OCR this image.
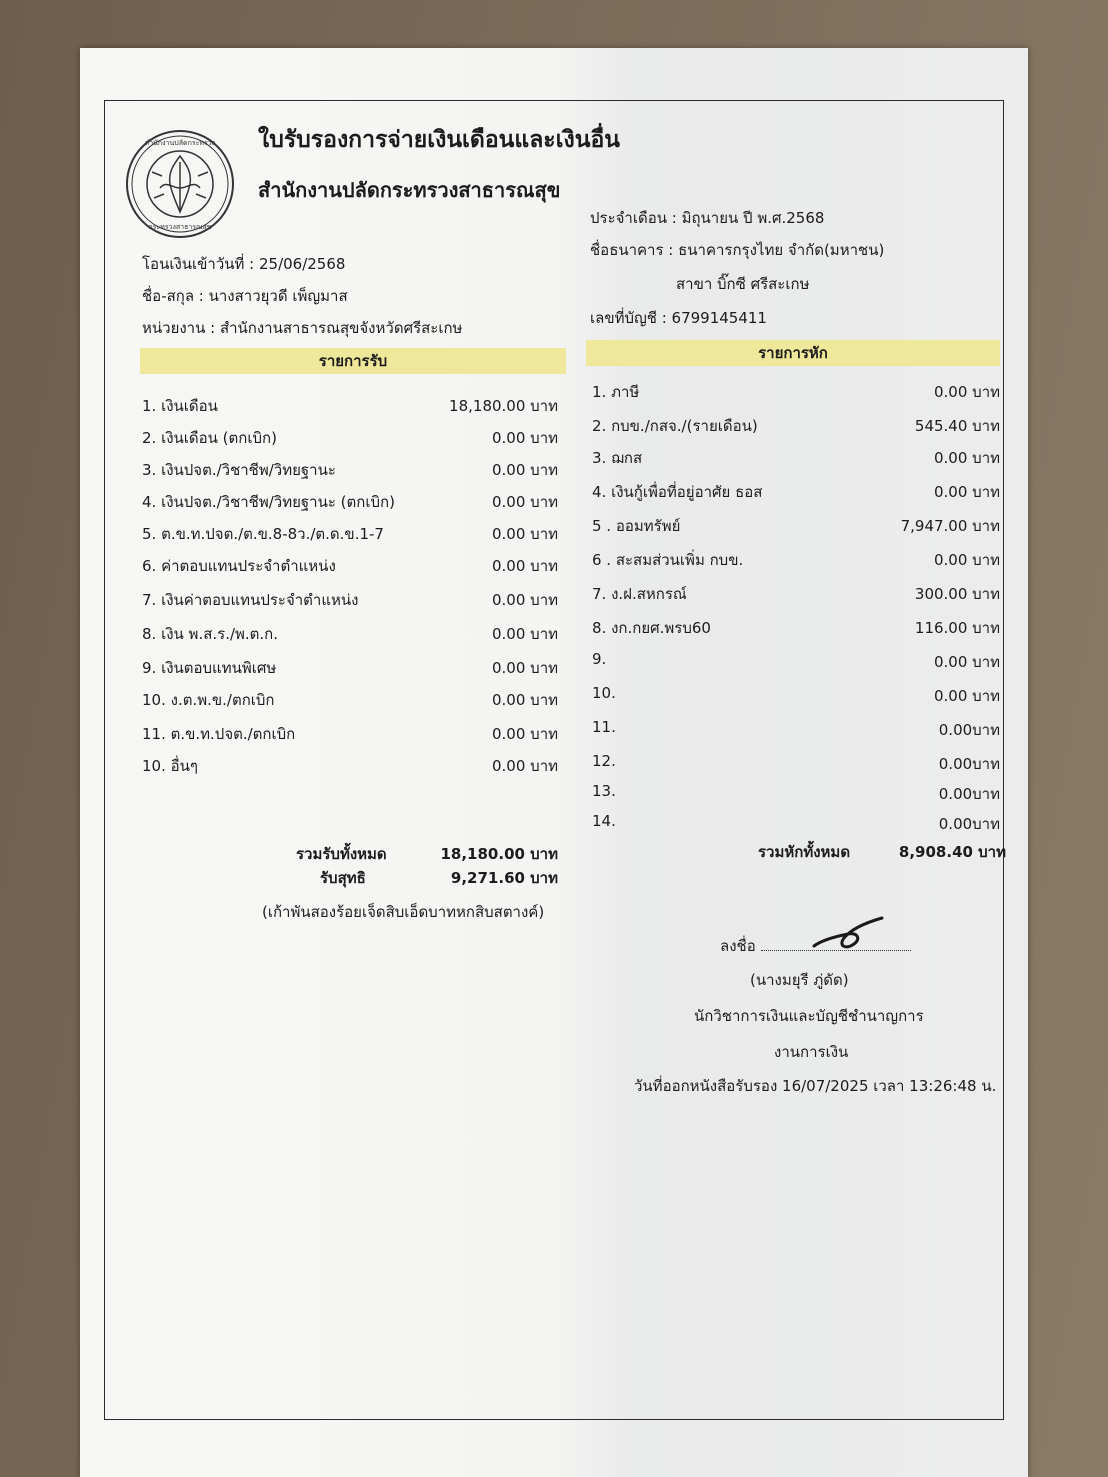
สำนักงานปลัดกระทรวง
กระทรวงสาธารณสุข
ใบรับรองการจ่ายเงินเดือนและเงินอื่น
สำนักงานปลัดกระทรวงสาธารณสุข
ประจำเดือน : มิถุนายน ปี พ.ศ.2568
ชื่อธนาคาร : ธนาคารกรุงไทย จำกัด(มหาชน)
สาขา บิ๊กซี ศรีสะเกษ
เลขที่บัญชี : 6799145411
โอนเงินเข้าวันที่ : 25/06/2568
ชื่อ-สกุล : นางสาวยุวดี เพ็ญมาส
หน่วยงาน : สำนักงานสาธารณสุขจังหวัดศรีสะเกษ
รายการรับ	รายการหัก
1. เงินเดือน	18,180.00 บาท
2. เงินเดือน (ตกเบิก)	0.00 บาท
3. เงินปจต./วิชาชีพ/วิทยฐานะ	0.00 บาท
4. เงินปจต./วิชาชีพ/วิทยฐานะ (ตกเบิก)	0.00 บาท
5. ต.ข.ท.ปจต./ต.ข.8-8ว./ต.ด.ข.1-7	0.00 บาท
6. ค่าตอบแทนประจำตำแหน่ง	0.00 บาท
7. เงินค่าตอบแทนประจำตำแหน่ง	0.00 บาท
8. เงิน พ.ส.ร./พ.ต.ก.	0.00 บาท
9. เงินตอบแทนพิเศษ	0.00 บาท
10. ง.ต.พ.ข./ตกเบิก	0.00 บาท
11. ต.ข.ท.ปจต./ตกเบิก	0.00 บาท
10. อื่นๆ	0.00 บาท
1. ภาษี	0.00 บาท
2. กบข./กสจ./(รายเดือน)	545.40 บาท
3. ฌกส	0.00 บาท
4. เงินกู้เพื่อที่อยู่อาศัย ธอส	0.00 บาท
5 . ออมทรัพย์	7,947.00 บาท
6 . สะสมส่วนเพิ่ม กบข.	0.00 บาท
7. ง.ฝ.สหกรณ์	300.00 บาท
8. งก.กยศ.พรบ60	116.00 บาท
9.	0.00 บาท
10.	0.00 บาท
11.	0.00บาท
12.	0.00บาท
13.	0.00บาท
14.	0.00บาท
รวมรับทั้งหมด	18,180.00 บาท
รับสุทธิ	9,271.60 บาท
(เก้าพันสองร้อยเจ็ดสิบเอ็ดบาทหกสิบสตางค์)
รวมหักทั้งหมด	8,908.40 บาท
ลงชื่อ
(นางมยุรี ภู่ดัด)
นักวิชาการเงินและบัญชีชำนาญการ
งานการเงิน
วันที่ออกหนังสือรับรอง 16/07/2025 เวลา 13:26:48 น.
